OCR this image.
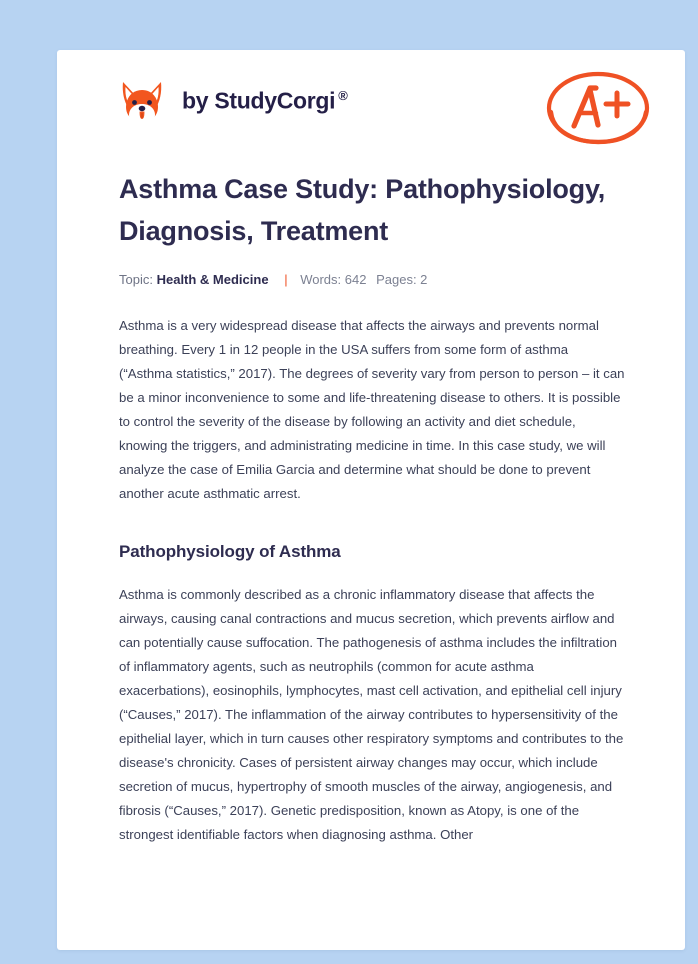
by StudyCorgi ®
Asthma Case Study: Pathophysiology, Diagnosis, Treatment
Topic: Health & Medicine | Words: 642 Pages: 2

Asthma is a very widespread disease that affects the airways and prevents normal breathing. Every 1 in 12 people in the USA suffers from some form of asthma (“Asthma statistics,” 2017). The degrees of severity vary from person to person – it can be a minor inconvenience to some and life-threatening disease to others. It is possible to control the severity of the disease by following an activity and diet schedule, knowing the triggers, and administrating medicine in time. In this case study, we will analyze the case of Emilia Garcia and determine what should be done to prevent another acute asthmatic arrest.

Pathophysiology of Asthma

Asthma is commonly described as a chronic inflammatory disease that affects the airways, causing canal contractions and mucus secretion, which prevents airflow and can potentially cause suffocation. The pathogenesis of asthma includes the infiltration of inflammatory agents, such as neutrophils (common for acute asthma exacerbations), eosinophils, lymphocytes, mast cell activation, and epithelial cell injury (“Causes,” 2017). The inflammation of the airway contributes to hypersensitivity of the epithelial layer, which in turn causes other respiratory symptoms and contributes to the disease's chronicity. Cases of persistent airway changes may occur, which include secretion of mucus, hypertrophy of smooth muscles of the airway, angiogenesis, and fibrosis (“Causes,” 2017). Genetic predisposition, known as Atopy, is one of the strongest identifiable factors when diagnosing asthma. Other
